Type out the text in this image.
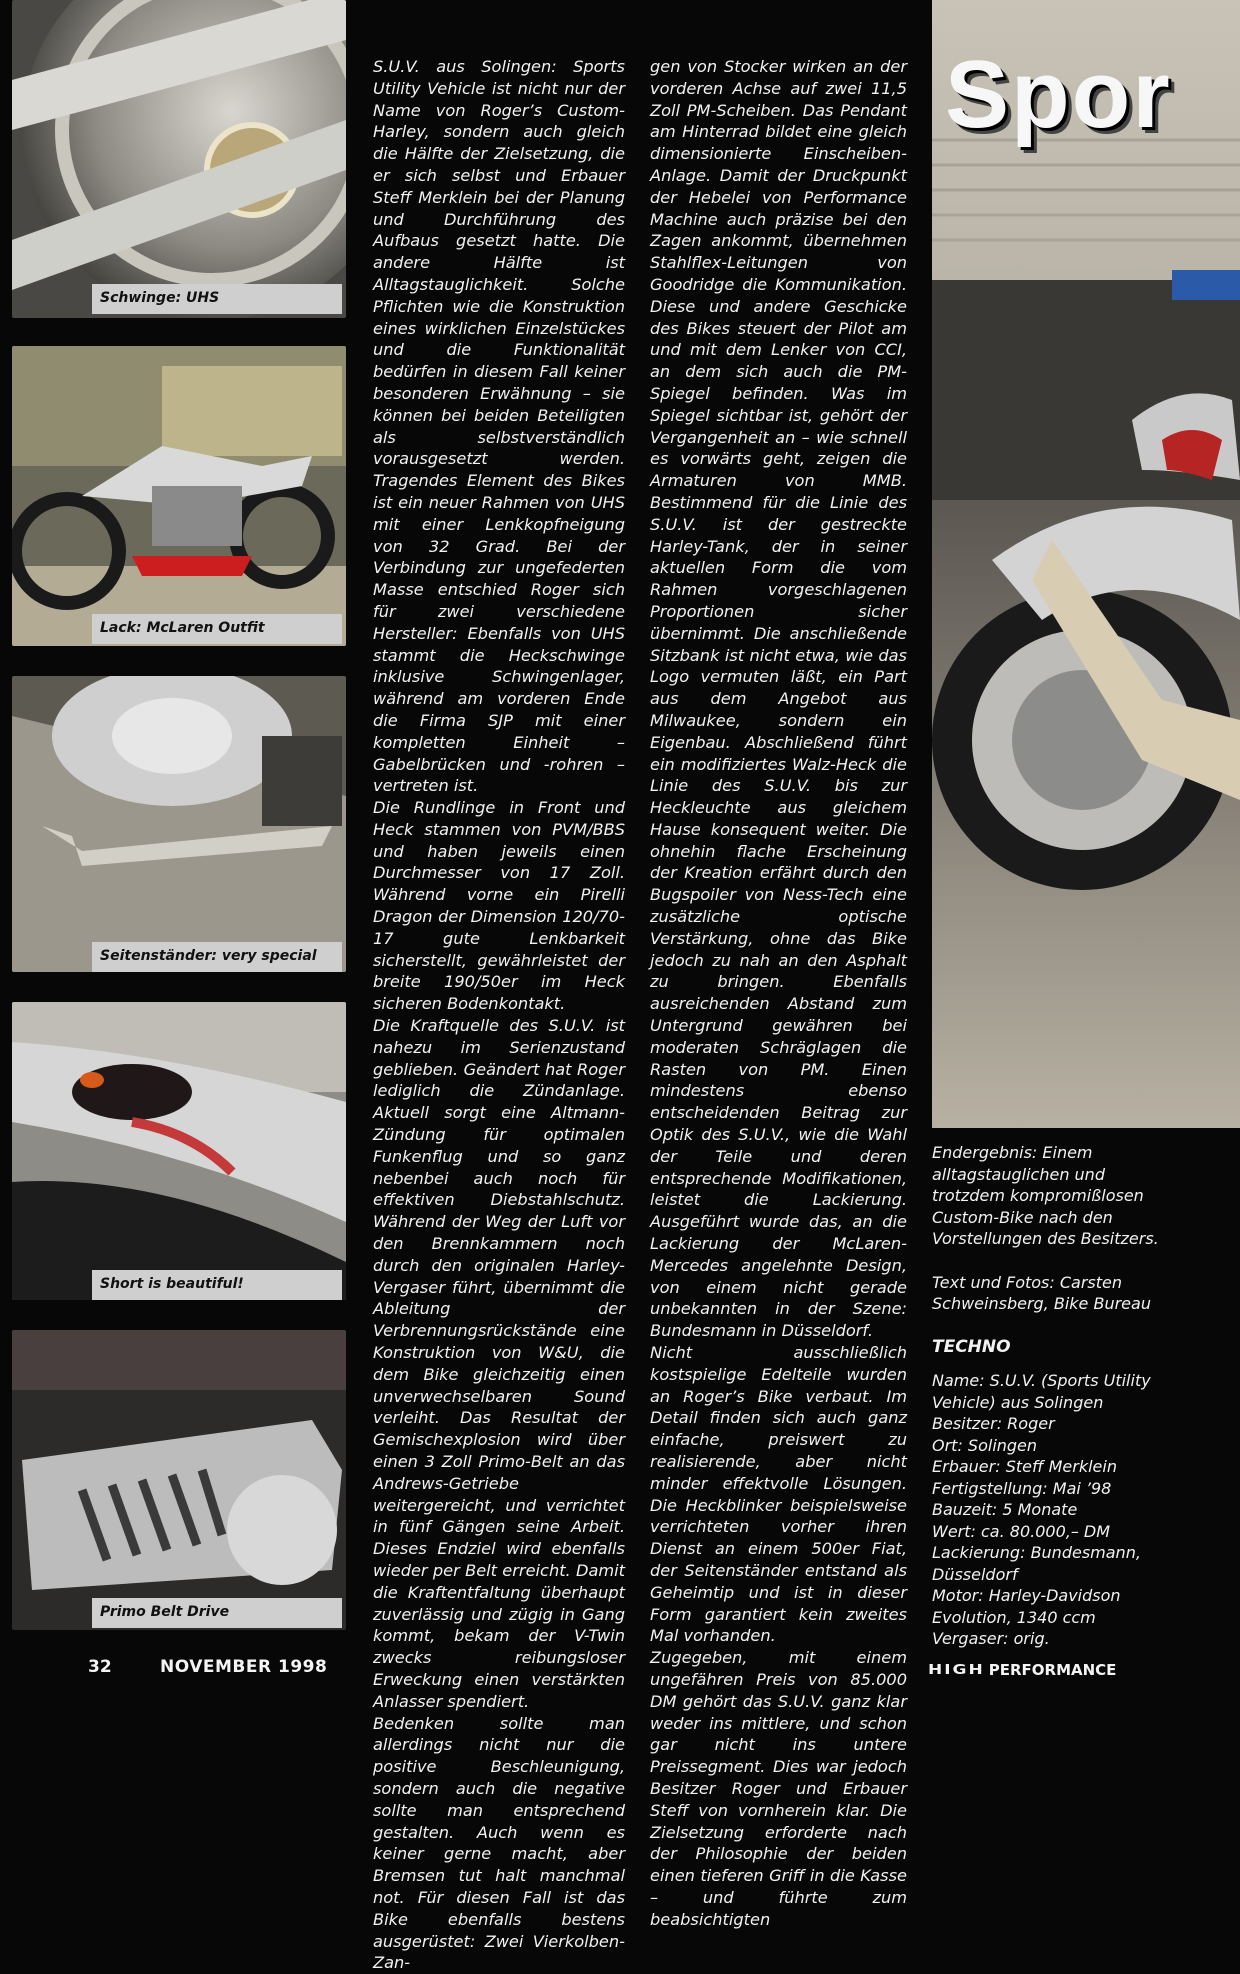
Schwinge: UHS
Lack: McLaren Outfit
Seitenständer: very special
Short is beautiful!
Primo Belt Drive

S.U.V. aus Solingen: Sports Utility Vehicle ist nicht nur der Name von Roger’s Custom-Harley, sondern auch gleich die Hälfte der Zielsetzung, die er sich selbst und Erbauer Steff Merklein bei der Planung und Durchführung des Aufbaus gesetzt hatte. Die andere Hälfte ist Alltagstauglichkeit. Solche Pflichten wie die Konstruktion eines wirklichen Einzelstückes und die Funktionalität bedürfen in diesem Fall keiner besonderen Erwähnung – sie können bei beiden Beteiligten als selbstverständlich vorausgesetzt werden. Tragendes Element des Bikes ist ein neuer Rahmen von UHS mit einer Lenkkopfneigung von 32 Grad. Bei der Verbindung zur ungefederten Masse entschied Roger sich für zwei verschiedene Hersteller: Ebenfalls von UHS stammt die Heckschwinge inklusive Schwingenlager, während am vorderen Ende die Firma SJP mit einer kompletten Einheit – Gabelbrücken und -rohren – vertreten ist.

Die Rundlinge in Front und Heck stammen von PVM/BBS und haben jeweils einen Durchmesser von 17 Zoll. Während vorne ein Pirelli Dragon der Dimension 120/70-17 gute Lenkbarkeit sicherstellt, gewährleistet der breite 190/50er im Heck sicheren Bodenkontakt.

Die Kraftquelle des S.U.V. ist nahezu im Serienzustand geblieben. Geändert hat Roger lediglich die Zündanlage. Aktuell sorgt eine Altmann-Zündung für optimalen Funkenflug und so ganz nebenbei auch noch für effektiven Diebstahlschutz. Während der Weg der Luft vor den Brennkammern noch durch den originalen Harley-Vergaser führt, übernimmt die Ableitung der Verbrennungsrückstände eine Konstruktion von W&U, die dem Bike gleichzeitig einen unverwechselbaren Sound verleiht. Das Resultat der Gemischexplosion wird über einen 3 Zoll Primo-Belt an das Andrews-Getriebe weitergereicht, und verrichtet in fünf Gängen seine Arbeit. Dieses Endziel wird ebenfalls wieder per Belt erreicht. Damit die Kraftentfaltung überhaupt zuverlässig und zügig in Gang kommt, bekam der V-Twin zwecks reibungsloser Erweckung einen verstärkten Anlasser spendiert.

Bedenken sollte man allerdings nicht nur die positive Beschleunigung, sondern auch die negative sollte man entsprechend gestalten. Auch wenn es keiner gerne macht, aber Bremsen tut halt manchmal not. Für diesen Fall ist das Bike ebenfalls bestens ausgerüstet: Zwei Vierkolben-Zan-

gen von Stocker wirken an der vorderen Achse auf zwei 11,5 Zoll PM-Scheiben. Das Pendant am Hinterrad bildet eine gleich dimensionierte Einscheiben-Anlage. Damit der Druckpunkt der Hebelei von Performance Machine auch präzise bei den Zagen ankommt, übernehmen Stahlflex-Leitungen von Goodridge die Kommunikation. Diese und andere Geschicke des Bikes steuert der Pilot am und mit dem Lenker von CCI, an dem sich auch die PM-Spiegel befinden. Was im Spiegel sichtbar ist, gehört der Vergangenheit an – wie schnell es vorwärts geht, zeigen die Armaturen von MMB. Bestimmend für die Linie des S.U.V. ist der gestreckte Harley-Tank, der in seiner aktuellen Form die vom Rahmen vorgeschlagenen Proportionen sicher übernimmt. Die anschließende Sitzbank ist nicht etwa, wie das Logo vermuten läßt, ein Part aus dem Angebot aus Milwaukee, sondern ein Eigenbau. Abschließend führt ein modifiziertes Walz-Heck die Linie des S.U.V. bis zur Heckleuchte aus gleichem Hause konsequent weiter. Die ohnehin flache Erscheinung der Kreation erfährt durch den Bugspoiler von Ness-Tech eine zusätzliche optische Verstärkung, ohne das Bike jedoch zu nah an den Asphalt zu bringen. Ebenfalls ausreichenden Abstand zum Untergrund gewähren bei moderaten Schräglagen die Rasten von PM. Einen mindestens ebenso entscheidenden Beitrag zur Optik des S.U.V., wie die Wahl der Teile und deren entsprechende Modifikationen, leistet die Lackierung. Ausgeführt wurde das, an die Lackierung der McLaren-Mercedes angelehnte Design, von einem nicht gerade unbekannten in der Szene: Bundesmann in Düsseldorf.

Nicht ausschließlich kostspielige Edelteile wurden an Roger’s Bike verbaut. Im Detail finden sich auch ganz einfache, preiswert zu realisierende, aber nicht minder effektvolle Lösungen. Die Heckblinker beispielsweise verrichteten vorher ihren Dienst an einem 500er Fiat, der Seitenständer entstand als Geheimtip und ist in dieser Form garantiert kein zweites Mal vorhanden.

Zugegeben, mit einem ungefähren Preis von 85.000 DM gehört das S.U.V. ganz klar weder ins mittlere, und schon gar nicht ins untere Preissegment. Dies war jedoch Besitzer Roger und Erbauer Steff von vornherein klar. Die Zielsetzung erforderte nach der Philosophie der beiden einen tieferen Griff in die Kasse – und führte zum beabsichtigten

Spor

Endergebnis: Einem alltagstauglichen und trotzdem kompromißlosen Custom-Bike nach den Vorstellungen des Besitzers.

Text und Fotos: Carsten Schweinsberg, Bike Bureau

TECHNO
Name: S.U.V. (Sports Utility Vehicle) aus Solingen
Besitzer: Roger
Ort: Solingen
Erbauer: Steff Merklein
Fertigstellung: Mai ’98
Bauzeit: 5 Monate
Wert: ca. 80.000,– DM
Lackierung: Bundesmann, Düsseldorf
Motor: Harley-Davidson Evolution, 1340 ccm
Vergaser: orig.
32	NOVEMBER 1998	HIGH PERFORMANCE
